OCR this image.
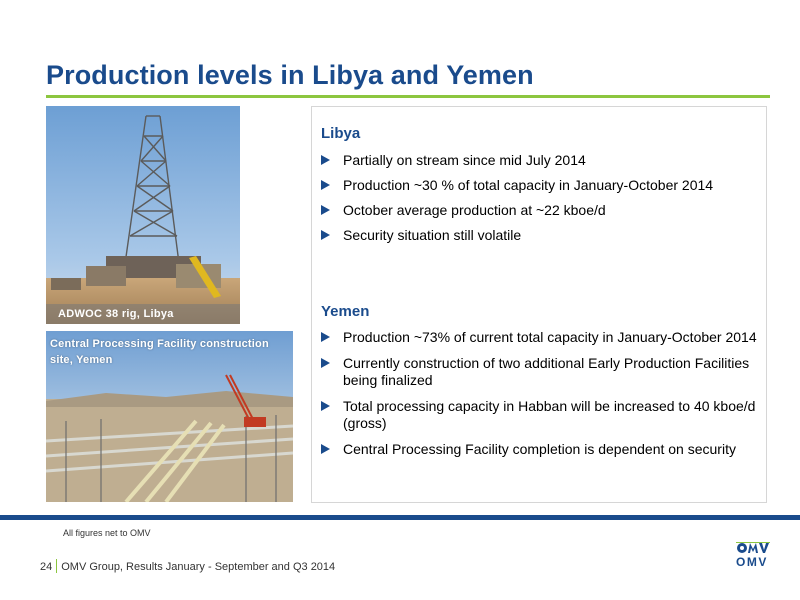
Production levels in Libya and Yemen
ADWOC 38 rig, Libya
Central Processing Facility construction site, Yemen
Libya
Partially on stream since mid July 2014
Production ~30 % of total capacity in January-October 2014
October average production at ~22 kboe/d
Security situation still volatile
Yemen
Production ~73% of current total capacity in January-October 2014
Currently construction of two additional Early Production Facilities being finalized
Total processing capacity in Habban will be increased to 40 kboe/d (gross)
Central Processing Facility completion is dependent on security
All figures net to OMV
24 OMV Group, Results January - September and Q3 2014	OMV
